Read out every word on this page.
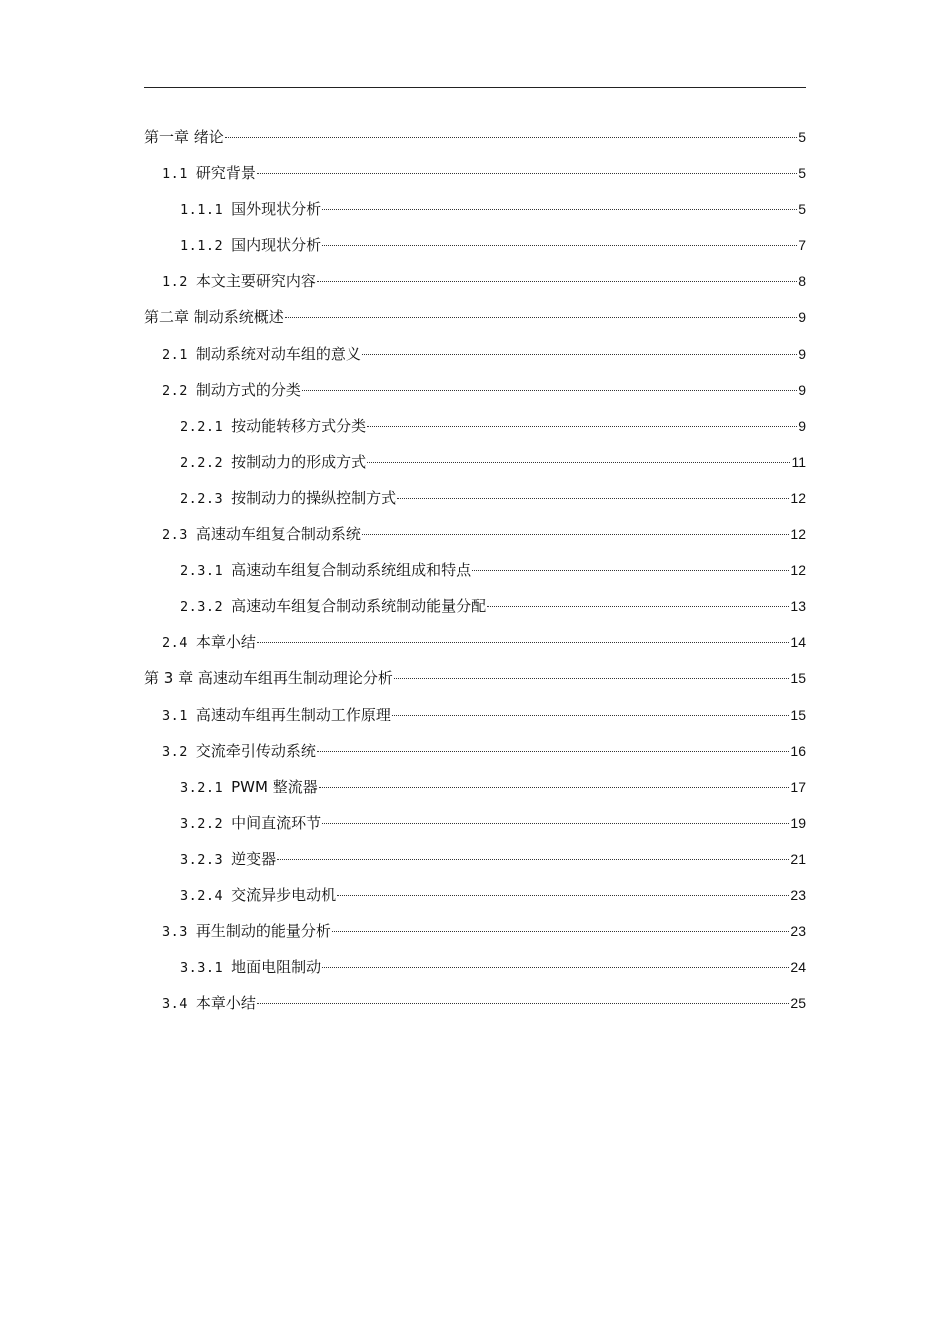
第一章 绪论	5
1.1 研究背景	5
1.1.1 国外现状分析	5
1.1.2 国内现状分析	7
1.2 本文主要研究内容	8
第二章 制动系统概述	9
2.1 制动系统对动车组的意义	9
2.2 制动方式的分类	9
2.2.1 按动能转移方式分类	9
2.2.2 按制动力的形成方式	11
2.2.3 按制动力的操纵控制方式	12
2.3 高速动车组复合制动系统	12
2.3.1 高速动车组复合制动系统组成和特点	12
2.3.2 高速动车组复合制动系统制动能量分配	13
2.4 本章小结	14
第 3 章 高速动车组再生制动理论分析	15
3.1 高速动车组再生制动工作原理	15
3.2 交流牵引传动系统	16
3.2.1 PWM 整流器	17
3.2.2 中间直流环节	19
3.2.3 逆变器	21
3.2.4 交流异步电动机	23
3.3 再生制动的能量分析	23
3.3.1 地面电阻制动	24
3.4 本章小结	25
